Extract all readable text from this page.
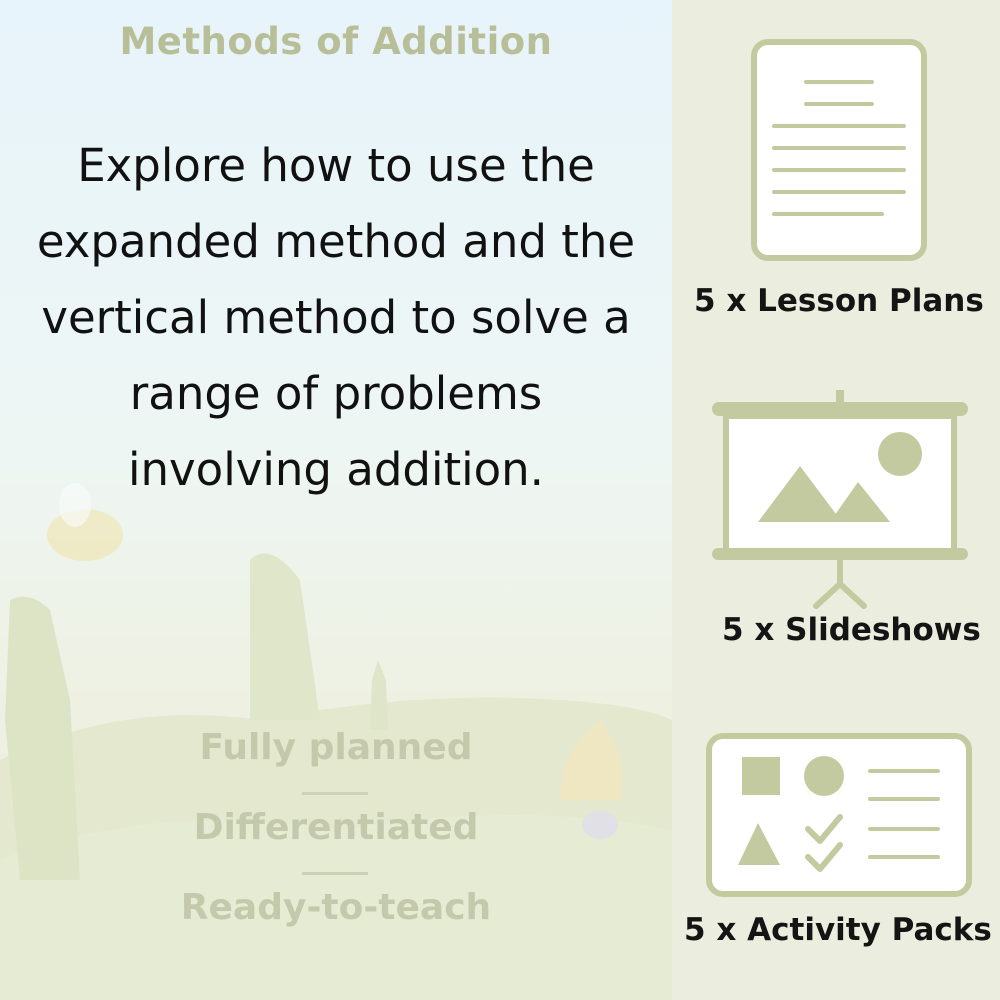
Methods of Addition

Explore how to use the expanded method and the vertical method to solve a range of problems involving addition.

Fully planned
Differentiated
Ready-to-teach
5 x Lesson Plans
5 x Slideshows
5 x Activity Packs
